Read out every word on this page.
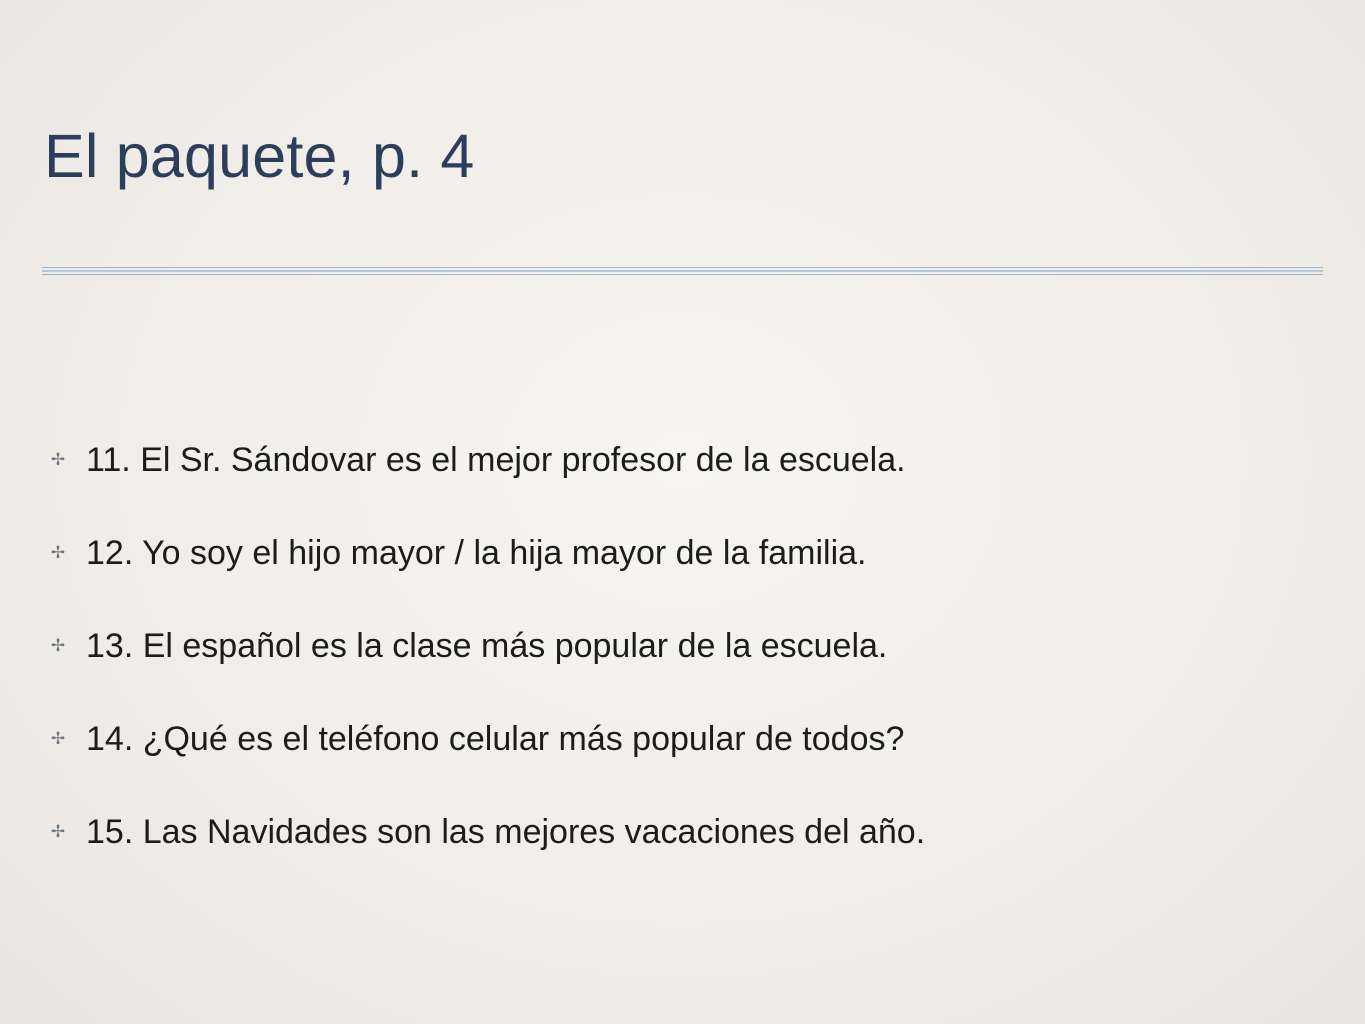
El paquete, p. 4
✢ 11. El Sr. Sándovar es el mejor profesor de la escuela.
✢ 12. Yo soy el hijo mayor / la hija mayor de la familia.
✢ 13. El español es la clase más popular de la escuela.
✢ 14. ¿Qué es el teléfono celular más popular de todos?
✢ 15. Las Navidades son las mejores vacaciones del año.
